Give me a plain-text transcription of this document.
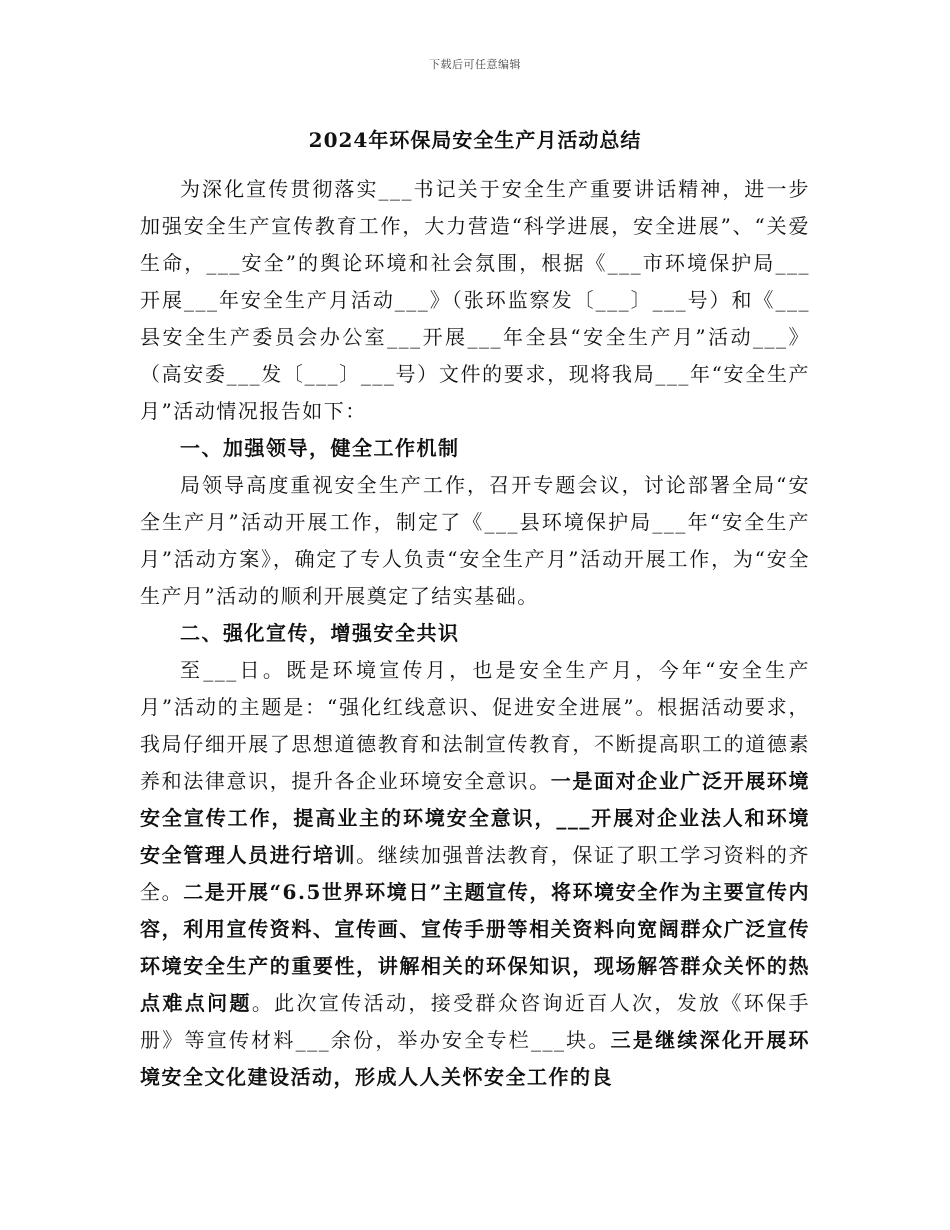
下载后可任意编辑
2024年环保局安全生产月活动总结

为深化宣传贯彻落实___书记关于安全生产重要讲话精神，进一步加强安全生产宣传教育工作，大力营造“科学进展，安全进展”、“关爱生命，___安全”的舆论环境和社会氛围，根据《___市环境保护局___开展___年安全生产月活动___》（张环监察发〔___〕___号）和《___县安全生产委员会办公室___开展___年全县“安全生产月”活动___》（高安委___发〔___〕___号）文件的要求，现将我局___年“安全生产月”活动情况报告如下：

一、加强领导，健全工作机制

局领导高度重视安全生产工作，召开专题会议，讨论部署全局“安全生产月”活动开展工作，制定了《___县环境保护局___年“安全生产月”活动方案》，确定了专人负责“安全生产月”活动开展工作，为“安全生产月”活动的顺利开展奠定了结实基础。

二、强化宣传，增强安全共识

至___日。既是环境宣传月，也是安全生产月，今年“安全生产月”活动的主题是：“强化红线意识、促进安全进展”。根据活动要求，我局仔细开展了思想道德教育和法制宣传教育，不断提高职工的道德素养和法律意识，提升各企业环境安全意识。一是面对企业广泛开展环境安全宣传工作，提高业主的环境安全意识，___开展对企业法人和环境安全管理人员进行培训。继续加强普法教育，保证了职工学习资料的齐全。二是开展“6.5世界环境日”主题宣传，将环境安全作为主要宣传内容，利用宣传资料、宣传画、宣传手册等相关资料向宽阔群众广泛宣传环境安全生产的重要性，讲解相关的环保知识，现场解答群众关怀的热点难点问题。此次宣传活动，接受群众咨询近百人次，发放《环保手册》等宣传材料___余份，举办安全专栏___块。三是继续深化开展环境安全文化建设活动，形成人人关怀安全工作的良
